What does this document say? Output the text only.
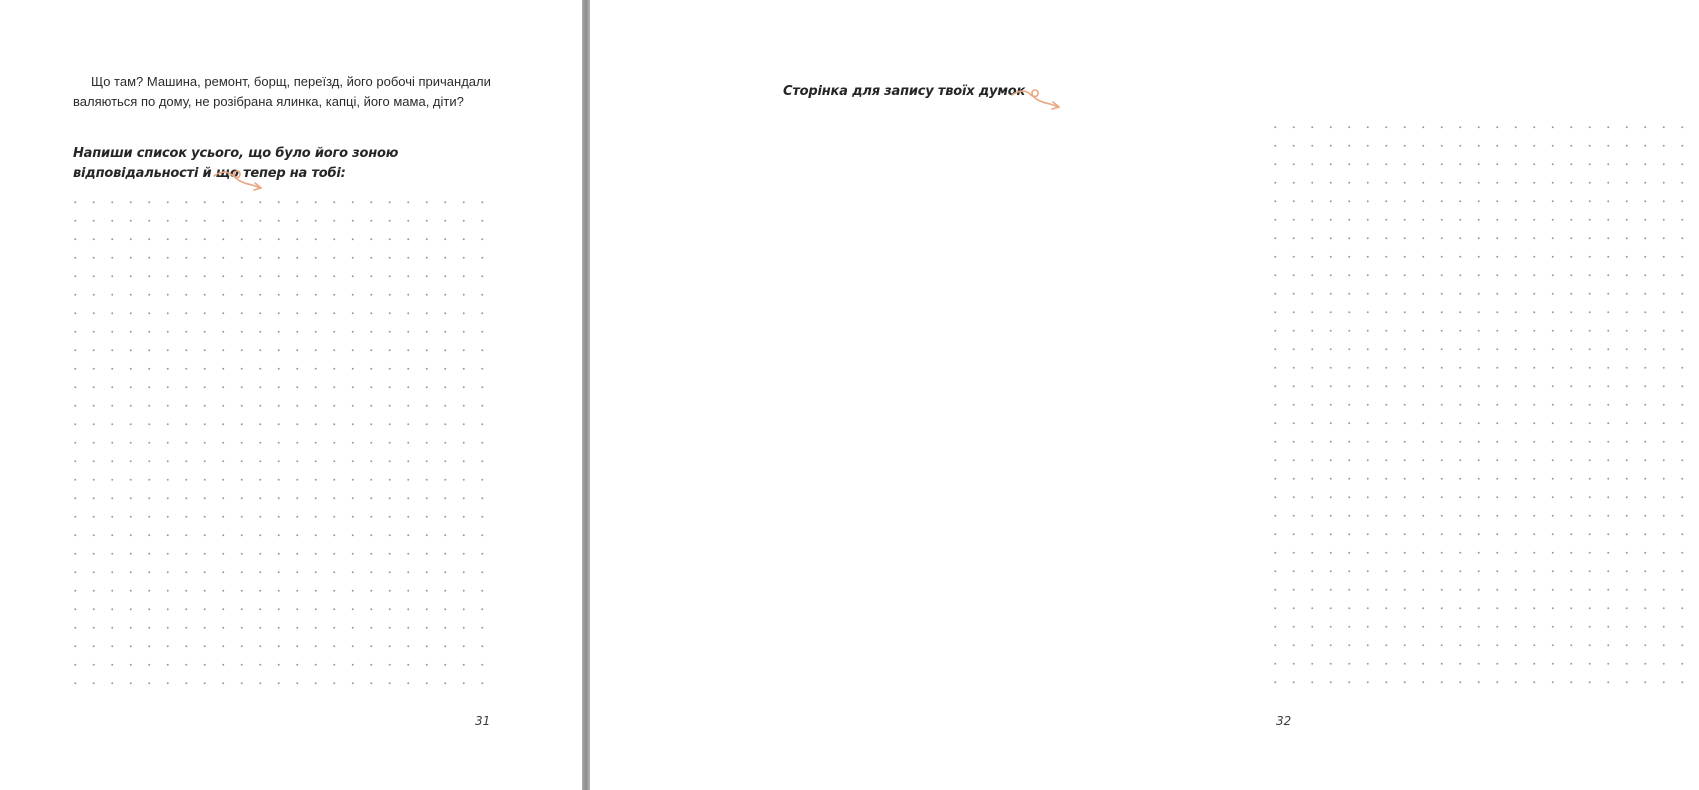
Що там? Машина, ремонт, борщ, переїзд, його робочі причандали валяються по дому, не розібрана ялинка, капці, його мама, діти?

Напиши список усього, що було його зоною відповідальності й що тепер на тобі:

31	32

Сторінка для запису твоїх думок
